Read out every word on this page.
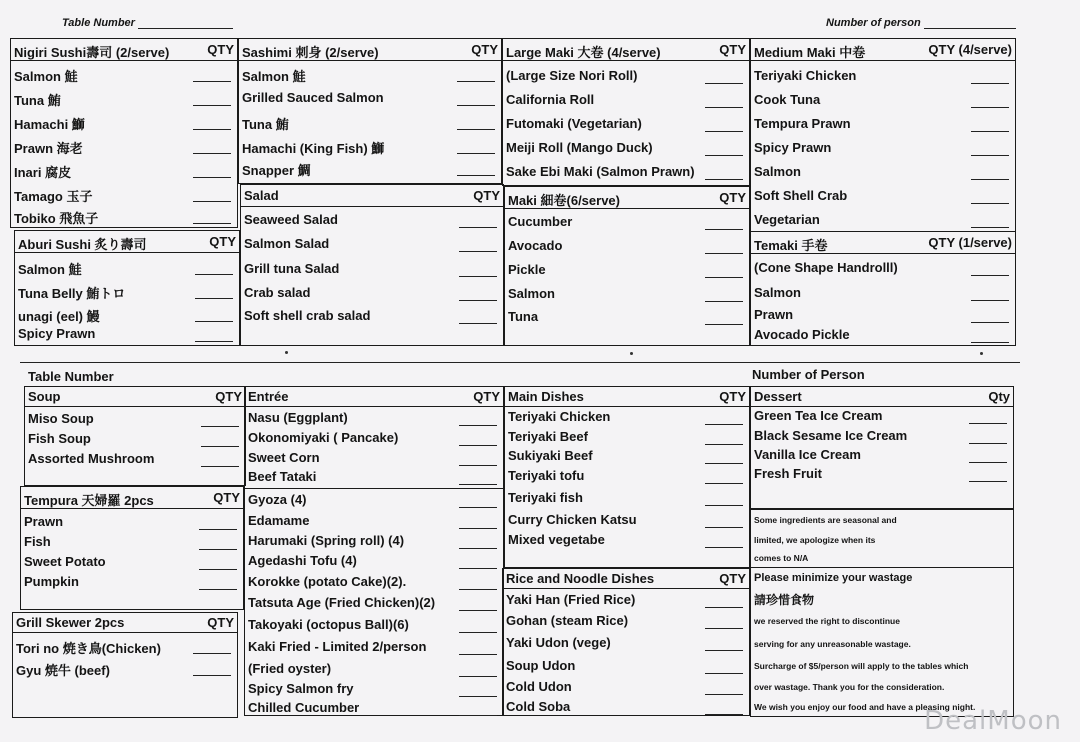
Table Number	Number of person
Nigiri Sushi壽司 (2/serve)	QTY
Salmon 鮭
Tuna 鮪
Hamachi 鰤
Prawn 海老
Inari 腐皮
Tamago 玉子
Tobiko 飛魚子
Aburi Sushi 炙り壽司	QTY
Salmon 鮭
Tuna Belly 鮪トロ
unagi (eel) 鰻
Spicy Prawn
Sashimi 刺身 (2/serve)	QTY
Salmon 鮭
Grilled Sauced Salmon
Tuna 鮪
Hamachi (King Fish) 鰤
Snapper 鯛
Salad	QTY
Seaweed Salad
Salmon Salad
Grill tuna Salad
Crab salad
Soft shell crab salad
Large Maki 大卷 (4/serve)	QTY
(Large Size Nori Roll)
California Roll
Futomaki (Vegetarian)
Meiji Roll (Mango Duck)
Sake Ebi Maki (Salmon Prawn)
Maki 細卷(6/serve)	QTY
Cucumber
Avocado
Pickle
Salmon
Tuna
Medium Maki 中卷	QTY (4/serve)
Teriyaki Chicken
Cook Tuna
Tempura Prawn
Spicy Prawn
Salmon
Soft Shell Crab
Vegetarian
Temaki 手卷	QTY (1/serve)
(Cone Shape Handrolll)
Salmon
Prawn
Avocado Pickle
Table Number	Number of Person
Soup	QTY
Miso Soup
Fish Soup
Assorted Mushroom
Tempura 天婦羅 2pcs	QTY
Prawn
Fish
Sweet Potato
Pumpkin
Grill Skewer 2pcs	QTY
Tori no 焼き鳥(Chicken)
Gyu 焼牛 (beef)
Entrée	QTY
Nasu (Eggplant)
Okonomiyaki ( Pancake)
Sweet Corn
Beef Tataki
Gyoza (4)
Edamame
Harumaki (Spring roll) (4)
Agedashi Tofu (4)
Korokke (potato Cake)(2).
Tatsuta Age (Fried Chicken)(2)
Takoyaki (octopus Ball)(6)
Kaki Fried - Limited 2/person
(Fried oyster)
Spicy Salmon fry
Chilled Cucumber
Main Dishes	QTY
Teriyaki Chicken
Teriyaki Beef
Sukiyaki Beef
Teriyaki tofu
Teriyaki fish
Curry Chicken Katsu
Mixed vegetabe
Rice and Noodle Dishes	QTY
Yaki Han (Fried Rice)
Gohan (steam Rice)
Yaki Udon (vege)
Soup Udon
Cold Udon
Cold Soba
Dessert	Qty
Green Tea Ice Cream
Black Sesame Ice Cream
Vanilla Ice Cream
Fresh Fruit
Some ingredients are seasonal and
limited, we apologize when its
comes to N/A
Please minimize your wastage
請珍惜食物
we reserved the right to discontinue
serving for any unreasonable wastage.
Surcharge of $5/person will apply to the tables which
over wastage. Thank you for the consideration.
We wish you enjoy our food and have a pleasing night.
DealMoon
